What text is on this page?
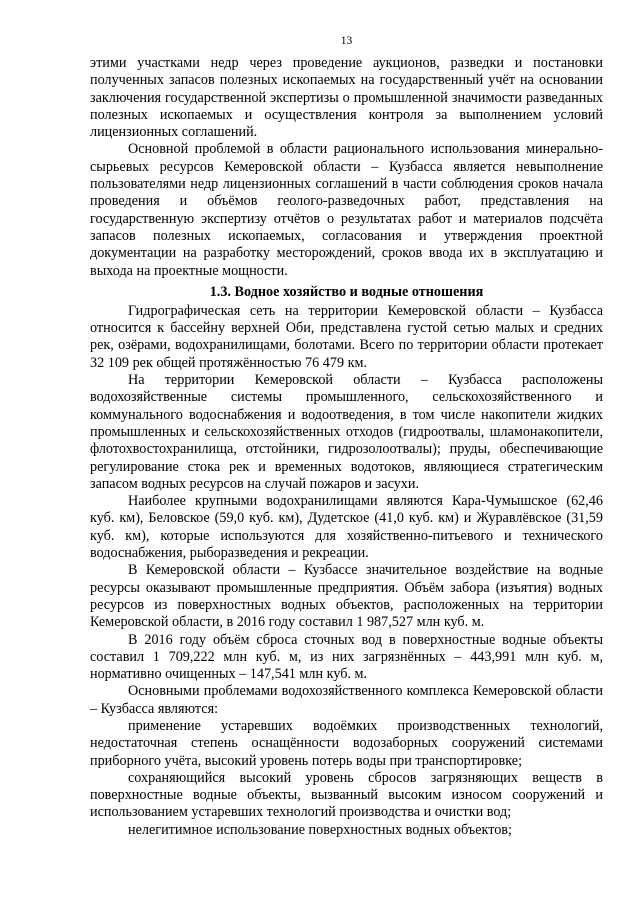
13

этими участками недр через проведение аукционов, разведки и постановки полученных запасов полезных ископаемых на государственный учёт на основании заключения государственной экспертизы о промышленной значимости разведанных полезных ископаемых и осуществления контроля за выполнением условий лицензионных соглашений.

Основной проблемой в области рационального использования минерально-сырьевых ресурсов Кемеровской области – Кузбасса является невыполнение пользователями недр лицензионных соглашений в части соблюдения сроков начала проведения и объёмов геолого-разведочных работ, представления на государственную экспертизу отчётов о результатах работ и материалов подсчёта запасов полезных ископаемых, согласования и утверждения проектной документации на разработку месторождений, сроков ввода их в эксплуатацию и выхода на проектные мощности.

1.3. Водное хозяйство и водные отношения

Гидрографическая сеть на территории Кемеровской области – Кузбасса относится к бассейну верхней Оби, представлена густой сетью малых и средних рек, озёрами, водохранилищами, болотами. Всего по территории области протекает 32 109 рек общей протяжённостью 76 479 км.

На территории Кемеровской области – Кузбасса расположены водохозяйственные системы промышленного, сельскохозяйственного и коммунального водоснабжения и водоотведения, в том числе накопители жидких промышленных и сельскохозяйственных отходов (гидроотвалы, шламонакопители, флотохвостохранилища, отстойники, гидрозолоотвалы); пруды, обеспечивающие регулирование стока рек и временных водотоков, являющиеся стратегическим запасом водных ресурсов на случай пожаров и засухи.

Наиболее крупными водохранилищами являются Кара-Чумышское (62,46 куб. км), Беловское (59,0 куб. км), Дудетское (41,0 куб. км) и Журавлёвское (31,59 куб. км), которые используются для хозяйственно-питьевого и технического водоснабжения, рыборазведения и рекреации.

В Кемеровской области – Кузбассе значительное воздействие на водные ресурсы оказывают промышленные предприятия. Объём забора (изъятия) водных ресурсов из поверхностных водных объектов, расположенных на территории Кемеровской области, в 2016 году составил 1 987,527 млн куб. м.

В 2016 году объём сброса сточных вод в поверхностные водные объекты составил 1 709,222 млн куб. м, из них загрязнённых – 443,991 млн куб. м, нормативно очищенных – 147,541 млн куб. м.

Основными проблемами водохозяйственного комплекса Кемеровской области – Кузбасса являются:

применение устаревших водоёмких производственных технологий, недостаточная степень оснащённости водозаборных сооружений системами приборного учёта, высокий уровень потерь воды при транспортировке;

сохраняющийся высокий уровень сбросов загрязняющих веществ в поверхностные водные объекты, вызванный высоким износом сооружений и использованием устаревших технологий производства и очистки вод;

нелегитимное использование поверхностных водных объектов;
